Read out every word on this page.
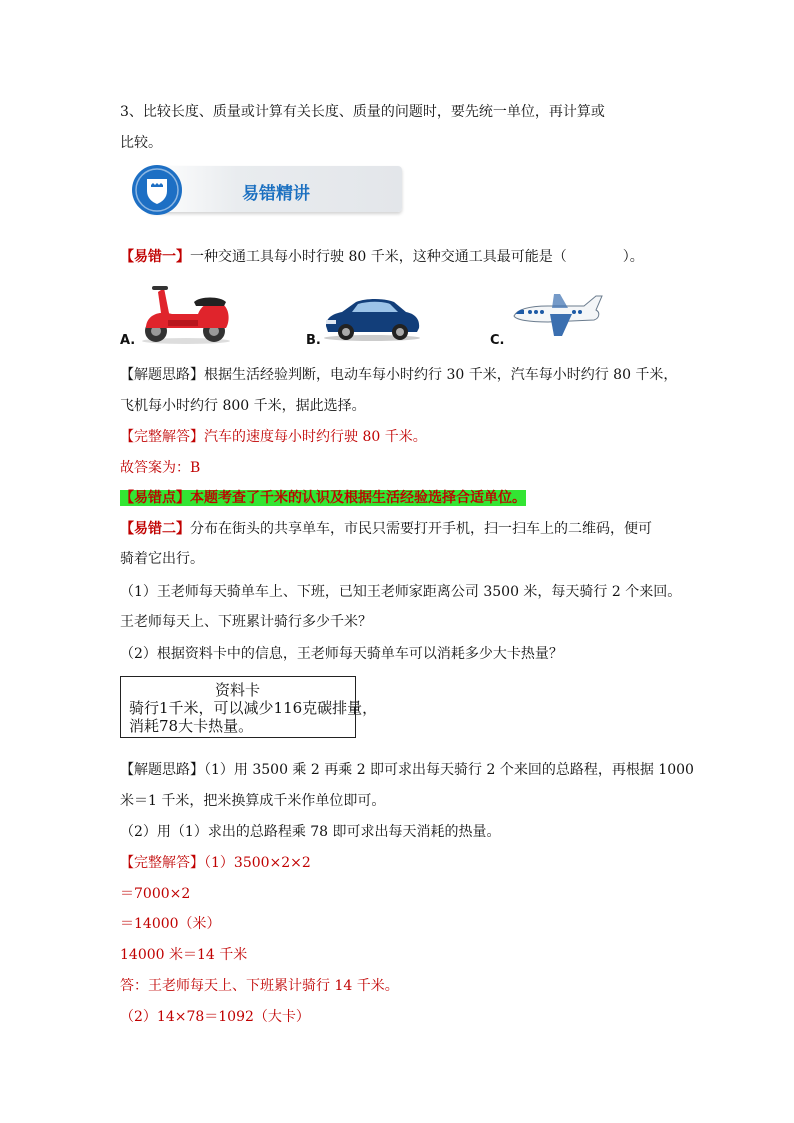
3、比较长度、质量或计算有关长度、质量的问题时，要先统一单位，再计算或
比较。
易错精讲
【易错一】一种交通工具每小时行驶 80 千米，这种交通工具最可能是（　　　　）。
A.	B.	C.
【解题思路】根据生活经验判断，电动车每小时约行 30 千米，汽车每小时约行 80 千米，
飞机每小时约行 800 千米，据此选择。
【完整解答】汽车的速度每小时约行驶 80 千米。
故答案为：B
【易错点】本题考查了千米的认识及根据生活经验选择合适单位。
【易错二】分布在街头的共享单车，市民只需要打开手机，扫一扫车上的二维码，便可
骑着它出行。
（1）王老师每天骑单车上、下班，已知王老师家距离公司 3500 米，每天骑行 2 个来回。
王老师每天上、下班累计骑行多少千米？
（2）根据资料卡中的信息，王老师每天骑单车可以消耗多少大卡热量？
资料卡
骑行1千米，可以减少116克碳排量，
消耗78大卡热量。
【解题思路】（1）用 3500 乘 2 再乘 2 即可求出每天骑行 2 个来回的总路程，再根据 1000
米＝1 千米，把米换算成千米作单位即可。
（2）用（1）求出的总路程乘 78 即可求出每天消耗的热量。
【完整解答】（1）3500×2×2
＝7000×2
＝14000（米）
14000 米＝14 千米
答：王老师每天上、下班累计骑行 14 千米。
（2）14×78＝1092（大卡）
